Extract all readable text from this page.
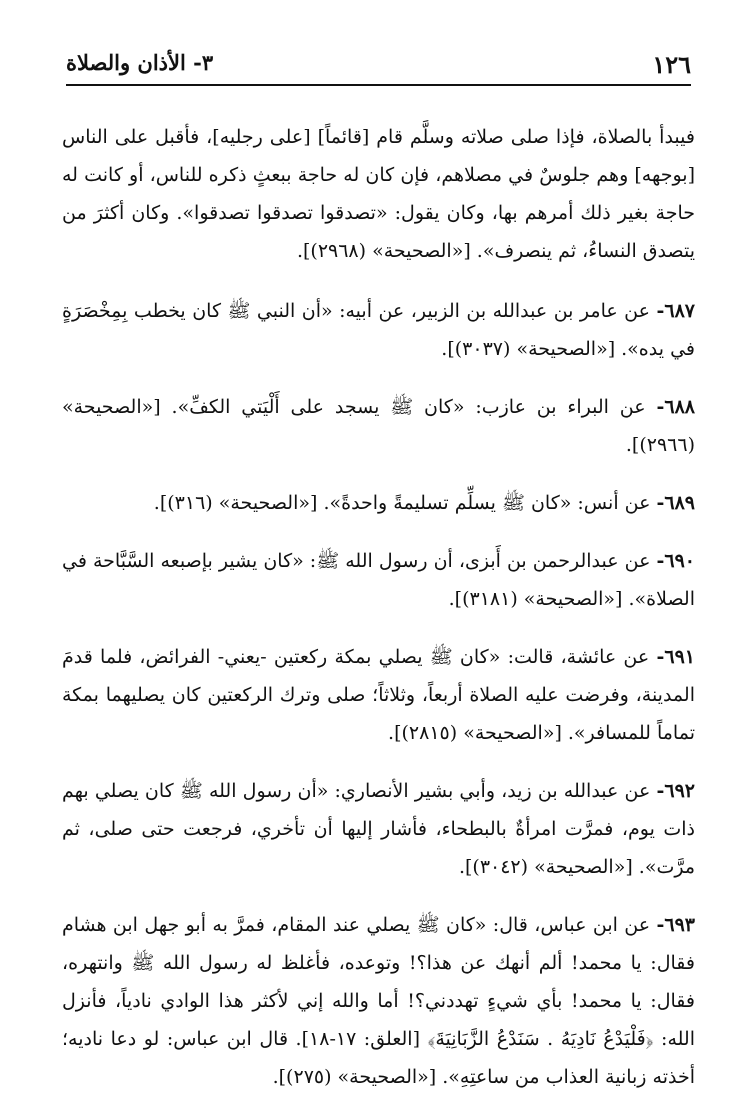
١٢٦
٣- الأذان والصلاة

فيبدأ بالصلاة، فإذا صلى صلاته وسلَّم قام [قائماً] [على رجليه]، فأقبل على الناس [بوجهه] وهم جلوسٌ في مصلاهم، فإن كان له حاجة ببعثٍ ذكره للناس، أو كانت له حاجة بغير ذلك أمرهم بها، وكان يقول: «تصدقوا تصدقوا تصدقوا». وكان أكثرَ من يتصدق النساءُ، ثم ينصرف». [«الصحيحة» (٢٩٦٨)].

٦٨٧- عن عامر بن عبدالله بن الزبير، عن أبيه: «أن النبي ﷺ كان يخطب بِمِخْصَرَةٍ في يده». [«الصحيحة» (٣٠٣٧)].

٦٨٨- عن البراء بن عازب: «كان ﷺ يسجد على أَلْيَتي الكفِّ». [«الصحيحة» (٢٩٦٦)].

٦٨٩- عن أنس: «كان ﷺ يسلِّم تسليمةً واحدةً». [«الصحيحة» (٣١٦)].

٦٩٠- عن عبدالرحمن بن أَبزى، أن رسول الله ﷺ: «كان يشير بإصبعه السَّبَّاحة في الصلاة». [«الصحيحة» (٣١٨١)].

٦٩١- عن عائشة، قالت: «كان ﷺ يصلي بمكة ركعتين -يعني- الفرائض، فلما قدمَ المدينة، وفرضت عليه الصلاة أربعاً، وثلاثاً؛ صلى وترك الركعتين كان يصليهما بمكة تماماً للمسافر». [«الصحيحة» (٢٨١٥)].

٦٩٢- عن عبدالله بن زيد، وأبي بشير الأنصاري: «أن رسول الله ﷺ كان يصلي بهم ذات يوم، فمرَّت امرأةٌ بالبطحاء، فأشار إليها أن تأخري، فرجعت حتى صلى، ثم مرَّت». [«الصحيحة» (٣٠٤٢)].

٦٩٣- عن ابن عباس، قال: «كان ﷺ يصلي عند المقام، فمرَّ به أبو جهل ابن هشام فقال: يا محمد! ألم أنهك عن هذا؟! وتوعده، فأغلظ له رسول الله ﷺ وانتهره، فقال: يا محمد! بأي شيءٍ تهددني؟! أما والله إني لأكثر هذا الوادي نادياً، فأنزل الله: ﴿فَلْيَدْعُ نَادِيَهُ . سَنَدْعُ الزَّبَانِيَةَ﴾ [العلق: ١٧-١٨]. قال ابن عباس: لو دعا ناديه؛ أخذته زبانية العذاب من ساعتِهِ». [«الصحيحة» (٢٧٥)].
